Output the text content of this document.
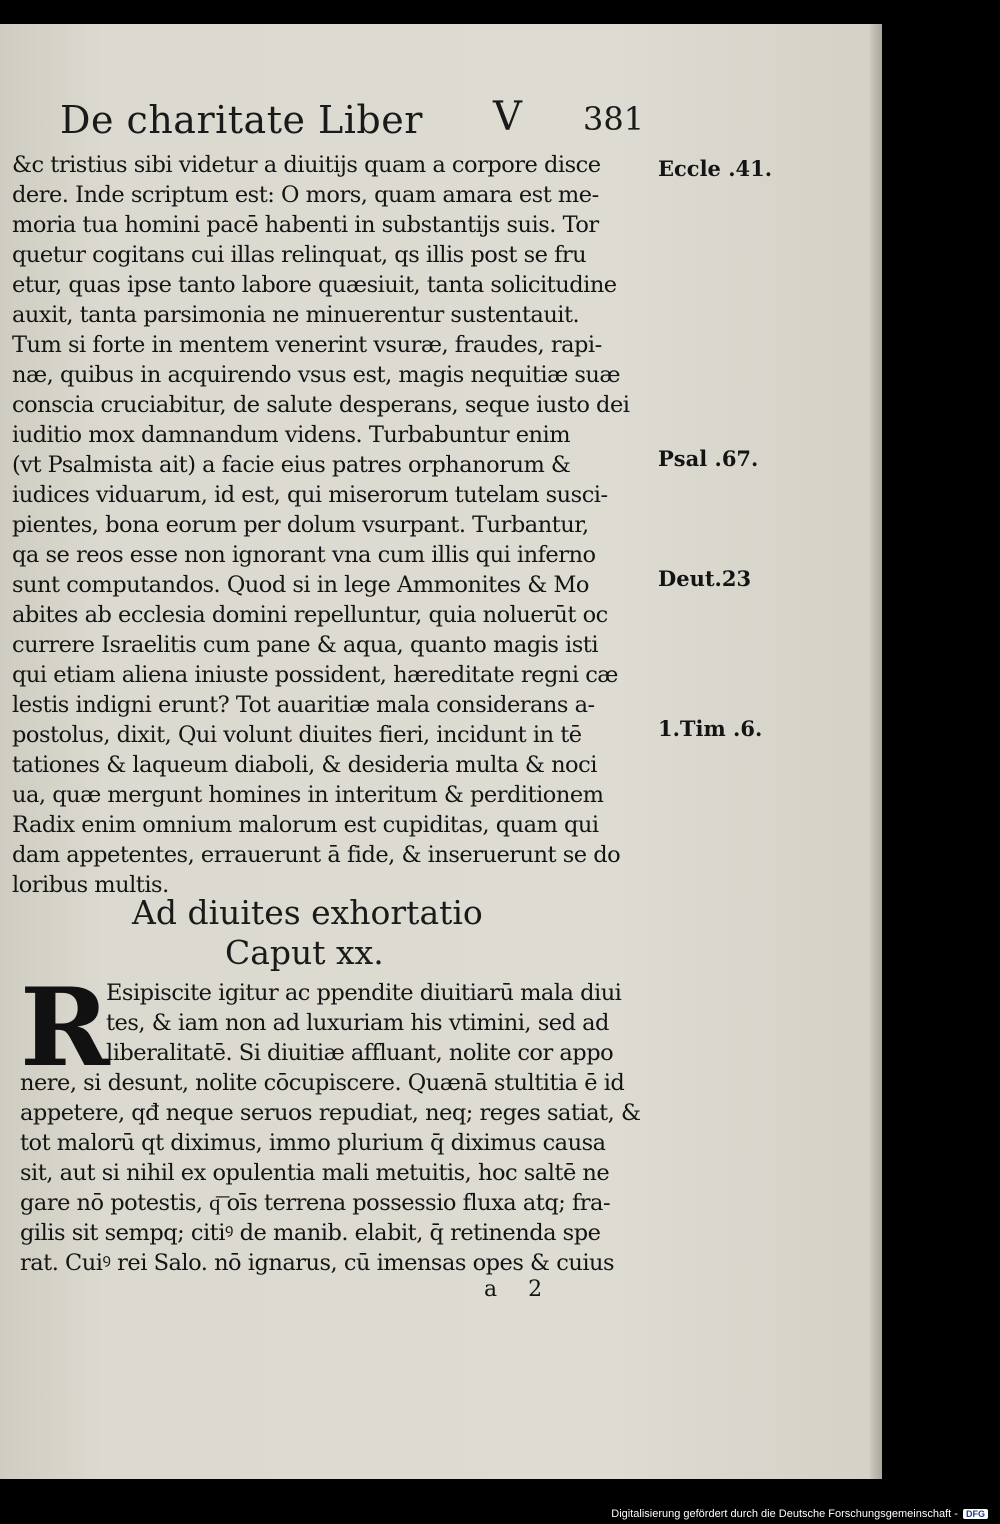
De charitate Liber V 381
&c tristius sibi videtur a diuitijs quam a corpore disce
dere. Inde scriptum est: O mors, quam amara est me-
moria tua homini pacē habenti in substantijs suis. Tor
quetur cogitans cui illas relinquat, qs illis post se fru
etur, quas ipse tanto labore quæsiuit, tanta solicitudine
auxit, tanta parsimonia ne minuerentur sustentauit.
Tum si forte in mentem venerint vsuræ, fraudes, rapi-
næ, quibus in acquirendo vsus est, magis nequitiæ suæ
conscia cruciabitur, de salute desperans, seque iusto dei
iuditio mox damnandum videns. Turbabuntur enim
(vt Psalmista ait) a facie eius patres orphanorum &
iudices viduarum, id est, qui miserorum tutelam susci-
pientes, bona eorum per dolum vsurpant. Turbantur,
qa se reos esse non ignorant vna cum illis qui inferno
sunt computandos. Quod si in lege Ammonites & Mo
abites ab ecclesia domini repelluntur, quia noluerūt oc
currere Israelitis cum pane & aqua, quanto magis isti
qui etiam aliena iniuste possident, hæreditate regni cæ
lestis indigni erunt? Tot auaritiæ mala considerans a-
postolus, dixit, Qui volunt diuites fieri, incidunt in tē
tationes & laqueum diaboli, & desideria multa & noci
ua, quæ mergunt homines in interitum & perditionem
Radix enim omnium malorum est cupiditas, quam qui
dam appetentes, errauerunt ā fide, & inseruerunt se do
loribus multis.
Eccle .41.
Psal .67.
Deut.23
1.Tim .6.
Ad diuites exhortatio
Caput xx.
R
Esipiscite igitur ac ppendite diuitiarū mala diui
tes, & iam non ad luxuriam his vtimini, sed ad
liberalitatē. Si diuitiæ affluant, nolite cor appo
nere, si desunt, nolite cōcupiscere. Quænā stultitia ē id
appetere, qđ neque seruos repudiat, neq; reges satiat, &
tot malorū qt diximus, immo plurium q̄ diximus causa
sit, aut si nihil ex opulentia mali metuitis, hoc saltē ne
gare nō potestis, q͞ oīs terrena possessio fluxa atq; fra-
gilis sit sempq; citiꝰ de manib. elabit, q̄ retinenda spe
rat. Cuiꝰ rei Salo. nō ignarus, cū imensas opes & cuius
a 2
Digitalisierung gefördert durch die Deutsche Forschungsgemeinschaft - DFG
